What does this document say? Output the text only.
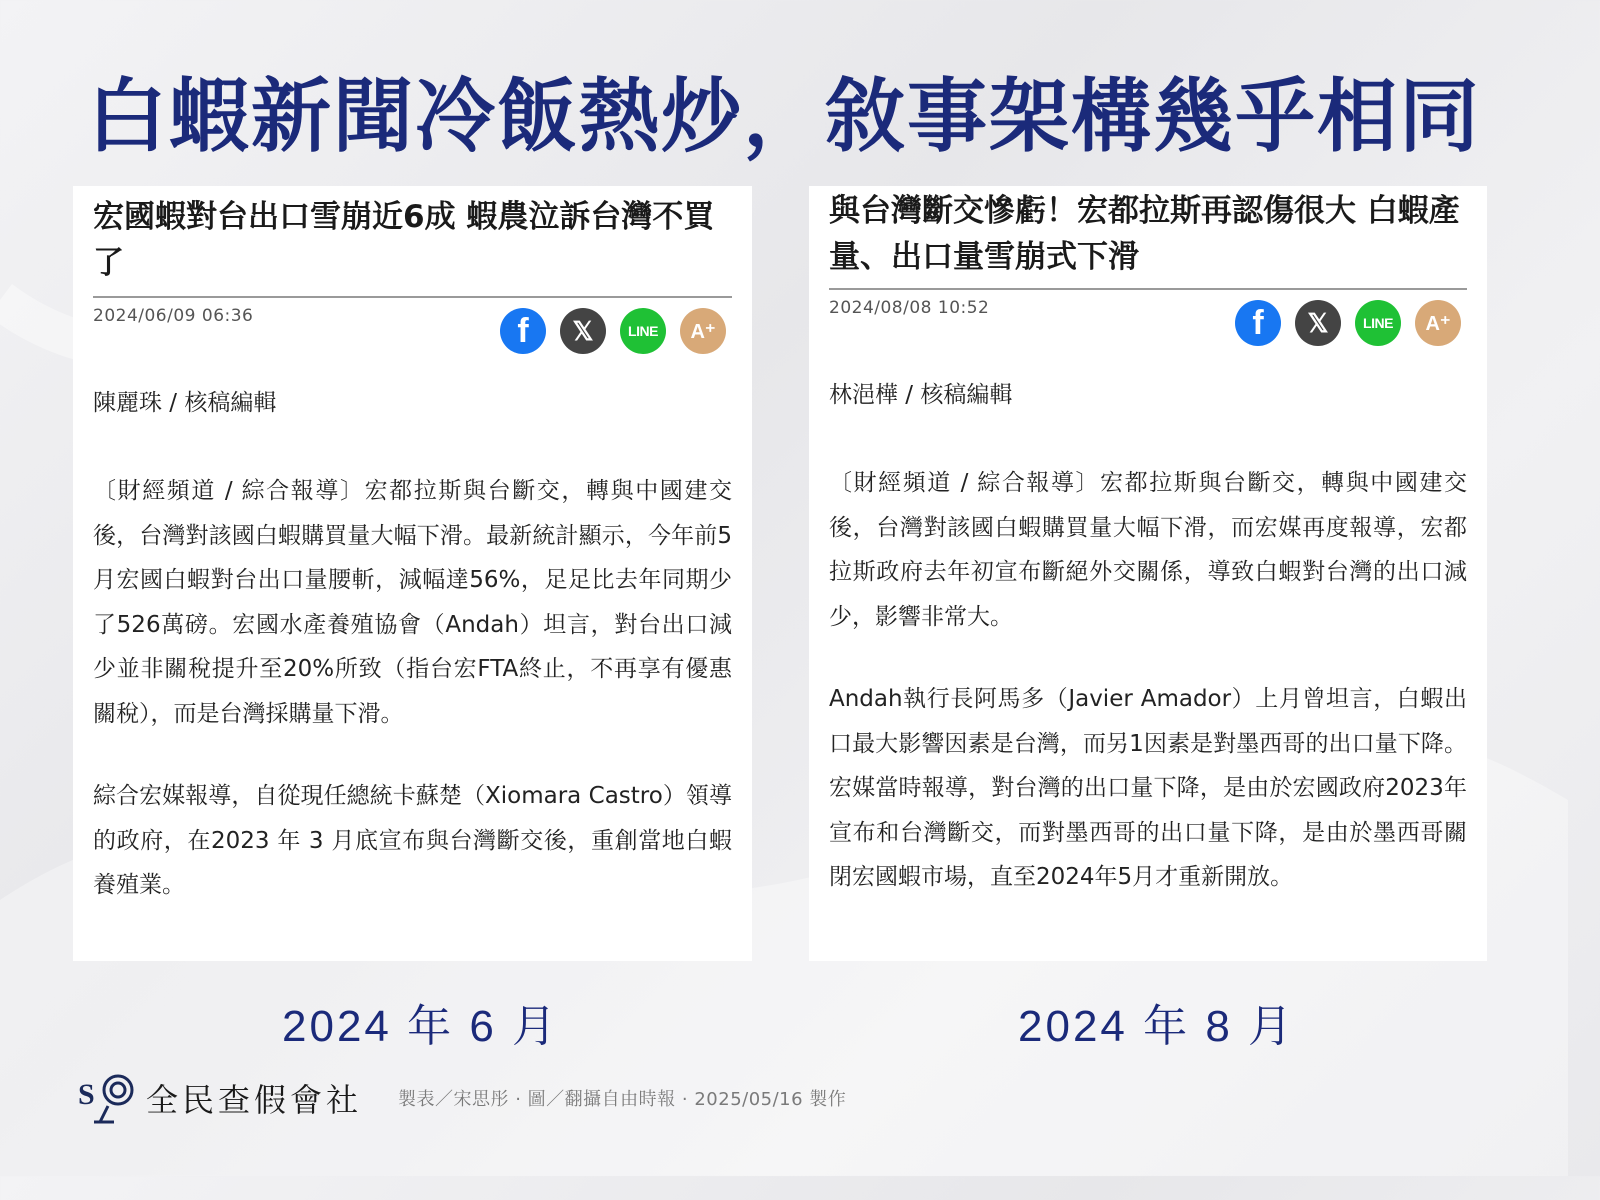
白蝦新聞冷飯熱炒，敘事架構幾乎相同
宏國蝦對台出口雪崩近6成 蝦農泣訴台灣不買了
2024/06/09 06:36	f	𝕏	LINE	A⁺
陳麗珠 / 核稿編輯

〔財經頻道 / 綜合報導〕宏都拉斯與台斷交，轉與中國建交後，台灣對該國白蝦購買量大幅下滑。最新統計顯示，今年前5月宏國白蝦對台出口量腰斬，減幅達56%，足足比去年同期少了526萬磅。宏國水產養殖協會（Andah）坦言，對台出口減少並非關稅提升至20%所致（指台宏FTA終止，不再享有優惠關稅），而是台灣採購量下滑。

綜合宏媒報導，自從現任總統卡蘇楚（Xiomara Castro）領導的政府，在2023 年 3 月底宣布與台灣斷交後，重創當地白蝦養殖業。

與台灣斷交慘虧！宏都拉斯再認傷很大 白蝦產量、出口量雪崩式下滑
2024/08/08 10:52	f	𝕏	LINE	A⁺
林浥樺 / 核稿編輯

〔財經頻道 / 綜合報導〕宏都拉斯與台斷交，轉與中國建交後，台灣對該國白蝦購買量大幅下滑，而宏媒再度報導，宏都拉斯政府去年初宣布斷絕外交關係，導致白蝦對台灣的出口減少，影響非常大。

Andah執行長阿馬多（Javier Amador）上月曾坦言，白蝦出口最大影響因素是台灣，而另1因素是對墨西哥的出口量下降。宏媒當時報導，對台灣的出口量下降，是由於宏國政府2023年宣布和台灣斷交，而對墨西哥的出口量下降，是由於墨西哥關閉宏國蝦市場，直至2024年5月才重新開放。

2024 年 6 月	2024 年 8 月
S 全民查假會社 製表／宋思彤 · 圖／翻攝自由時報 · 2025/05/16 製作
